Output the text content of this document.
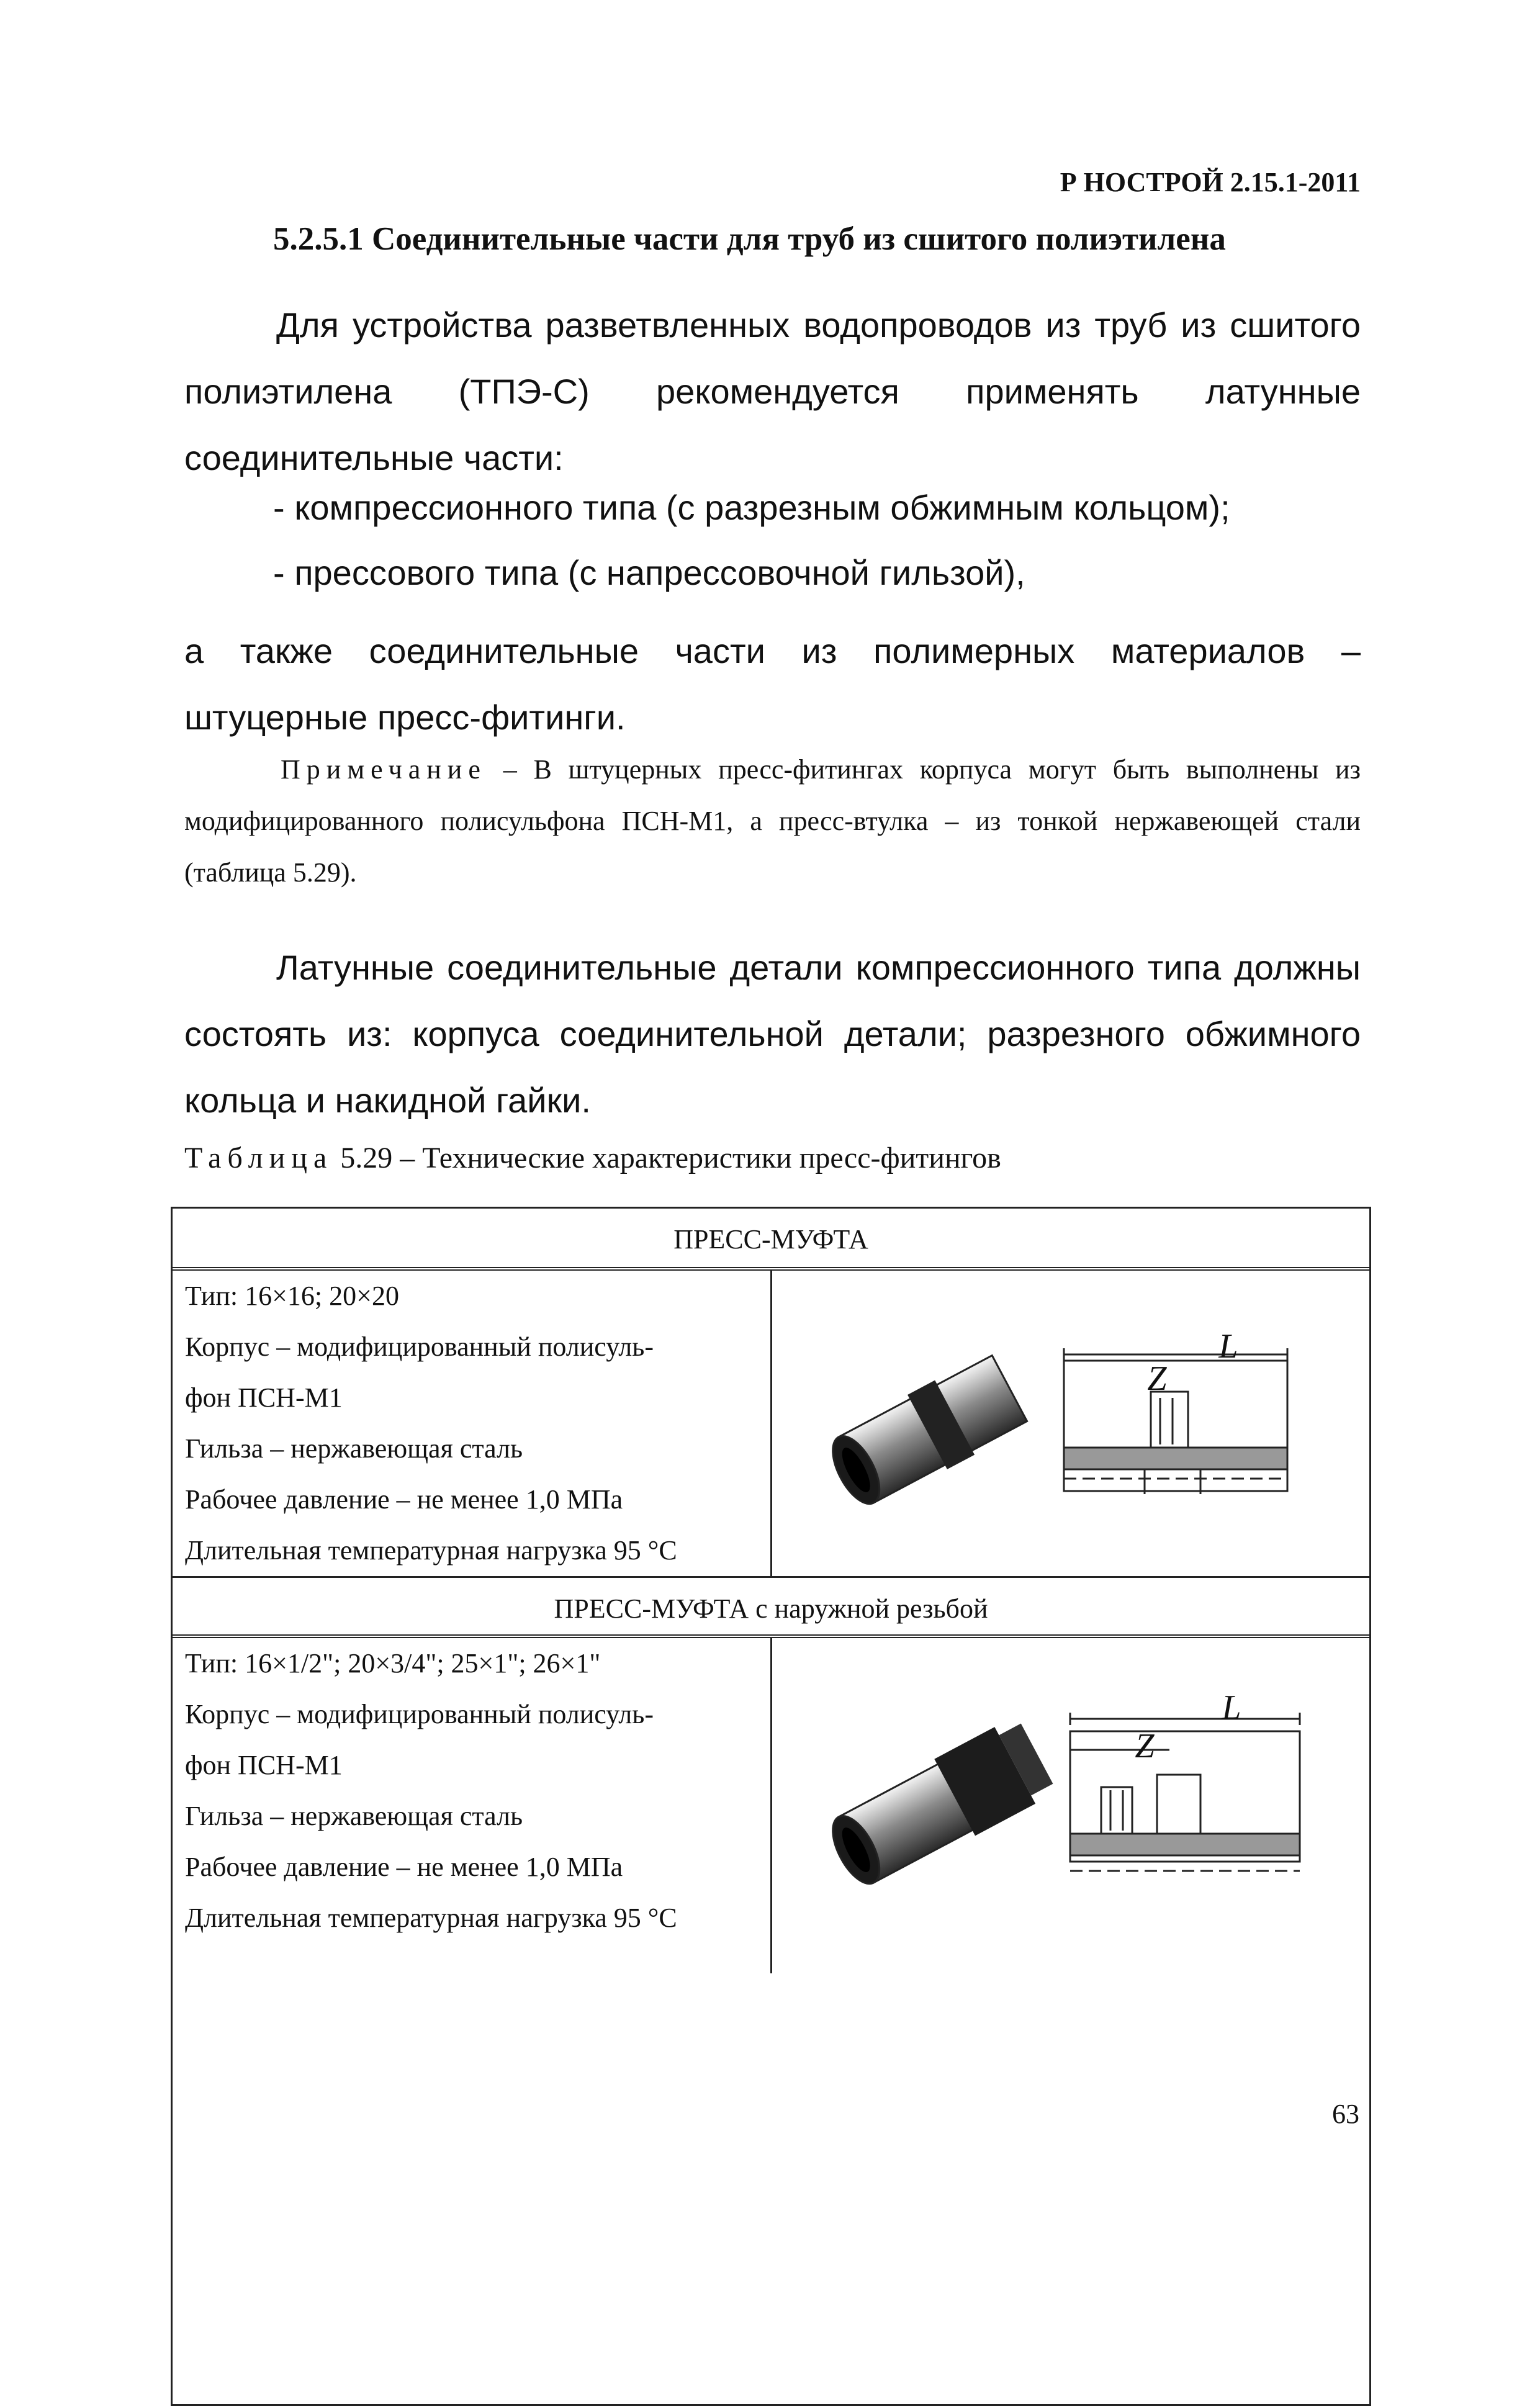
Р НОСТРОЙ 2.15.1-2011
5.2.5.1 Соединительные части для труб из сшитого полиэтилена
Для устройства разветвленных водопроводов из труб из сшитого полиэтилена (ТПЭ-С) рекомендуется применять латунные соединительные части:
- компрессионного типа (с разрезным обжимным кольцом);
- прессового типа (с напрессовочной гильзой),
а также соединительные части из полимерных материалов – штуцерные пресс-фитинги.
Примечание – В штуцерных пресс-фитингах корпуса могут быть выполнены из модифицированного полисульфона ПСН-М1, а пресс-втулка – из тонкой нержавеющей стали (таблица 5.29).
Латунные соединительные детали компрессионного типа должны состоять из: корпуса соединительной детали; разрезного обжимного кольца и накидной гайки.
Таблица 5.29 – Технические характеристики пресс-фитингов
ПРЕСС-МУФТА
Тип: 16×16; 20×20
Корпус – модифицированный полисуль-
фон ПСН-М1
Гильза – нержавеющая сталь
Рабочее давление – не менее 1,0 МПа
Длительная температурная нагрузка 95 °С
L
Z
ПРЕСС-МУФТА с наружной резьбой
Тип: 16×1/2"; 20×3/4"; 25×1"; 26×1"
Корпус – модифицированный полисуль-
фон ПСН-М1
Гильза – нержавеющая сталь
Рабочее давление – не менее 1,0 МПа
Длительная температурная нагрузка 95 °С
L
Z
63
